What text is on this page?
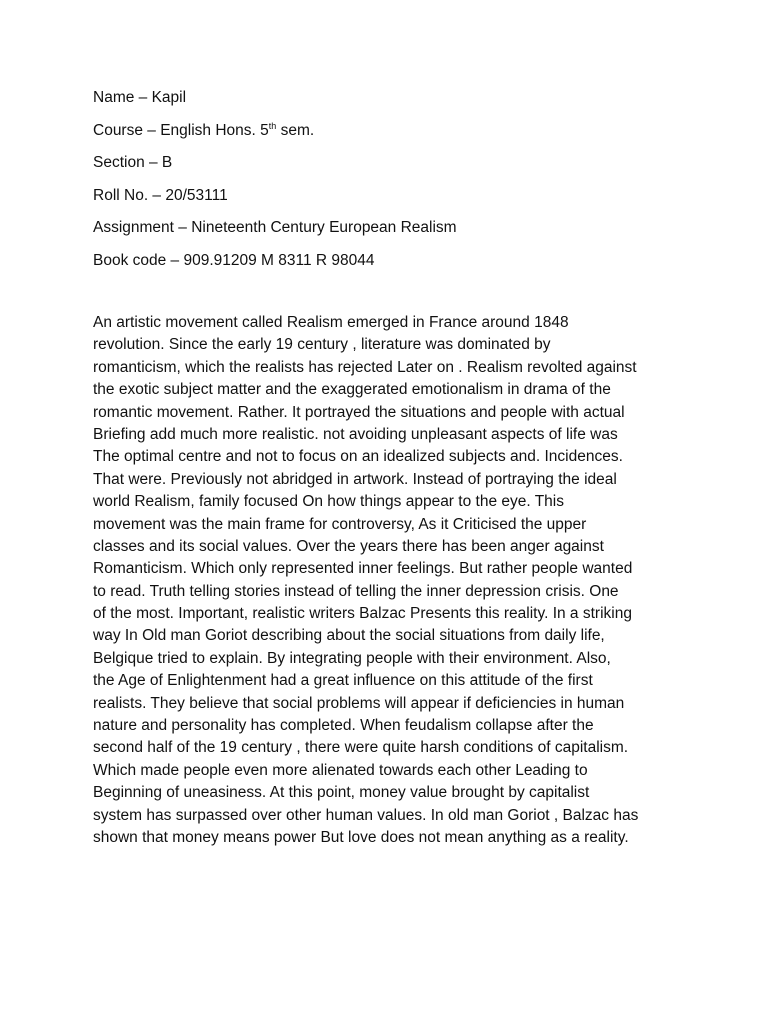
Name – Kapil
Course – English Hons. 5th sem.
Section – B
Roll No. – 20/53111
Assignment – Nineteenth Century European Realism
Book code – 909.91209 M 8311 R 98044
An artistic movement called Realism emerged in France around 1848
revolution. Since the early 19 century , literature was dominated by
romanticism, which the realists has rejected Later on . Realism revolted against
the exotic subject matter and the exaggerated emotionalism in drama of the
romantic movement. Rather. It portrayed the situations and people with actual
Briefing add much more realistic. not avoiding unpleasant aspects of life was
The optimal centre and not to focus on an idealized subjects and. Incidences.
That were. Previously not abridged in artwork. Instead of portraying the ideal
world Realism, family focused On how things appear to the eye. This
movement was the main frame for controversy, As it Criticised the upper
classes and its social values. Over the years there has been anger against
Romanticism. Which only represented inner feelings. But rather people wanted
to read. Truth telling stories instead of telling the inner depression crisis. One
of the most. Important, realistic writers Balzac Presents this reality. In a striking
way In Old man Goriot describing about the social situations from daily life,
Belgique tried to explain. By integrating people with their environment. Also,
the Age of Enlightenment had a great influence on this attitude of the first
realists. They believe that social problems will appear if deficiencies in human
nature and personality has completed. When feudalism collapse after the
second half of the 19 century , there were quite harsh conditions of capitalism.
Which made people even more alienated towards each other Leading to
Beginning of uneasiness. At this point, money value brought by capitalist
system has surpassed over other human values. In old man Goriot , Balzac has
shown that money means power But love does not mean anything as a reality.
